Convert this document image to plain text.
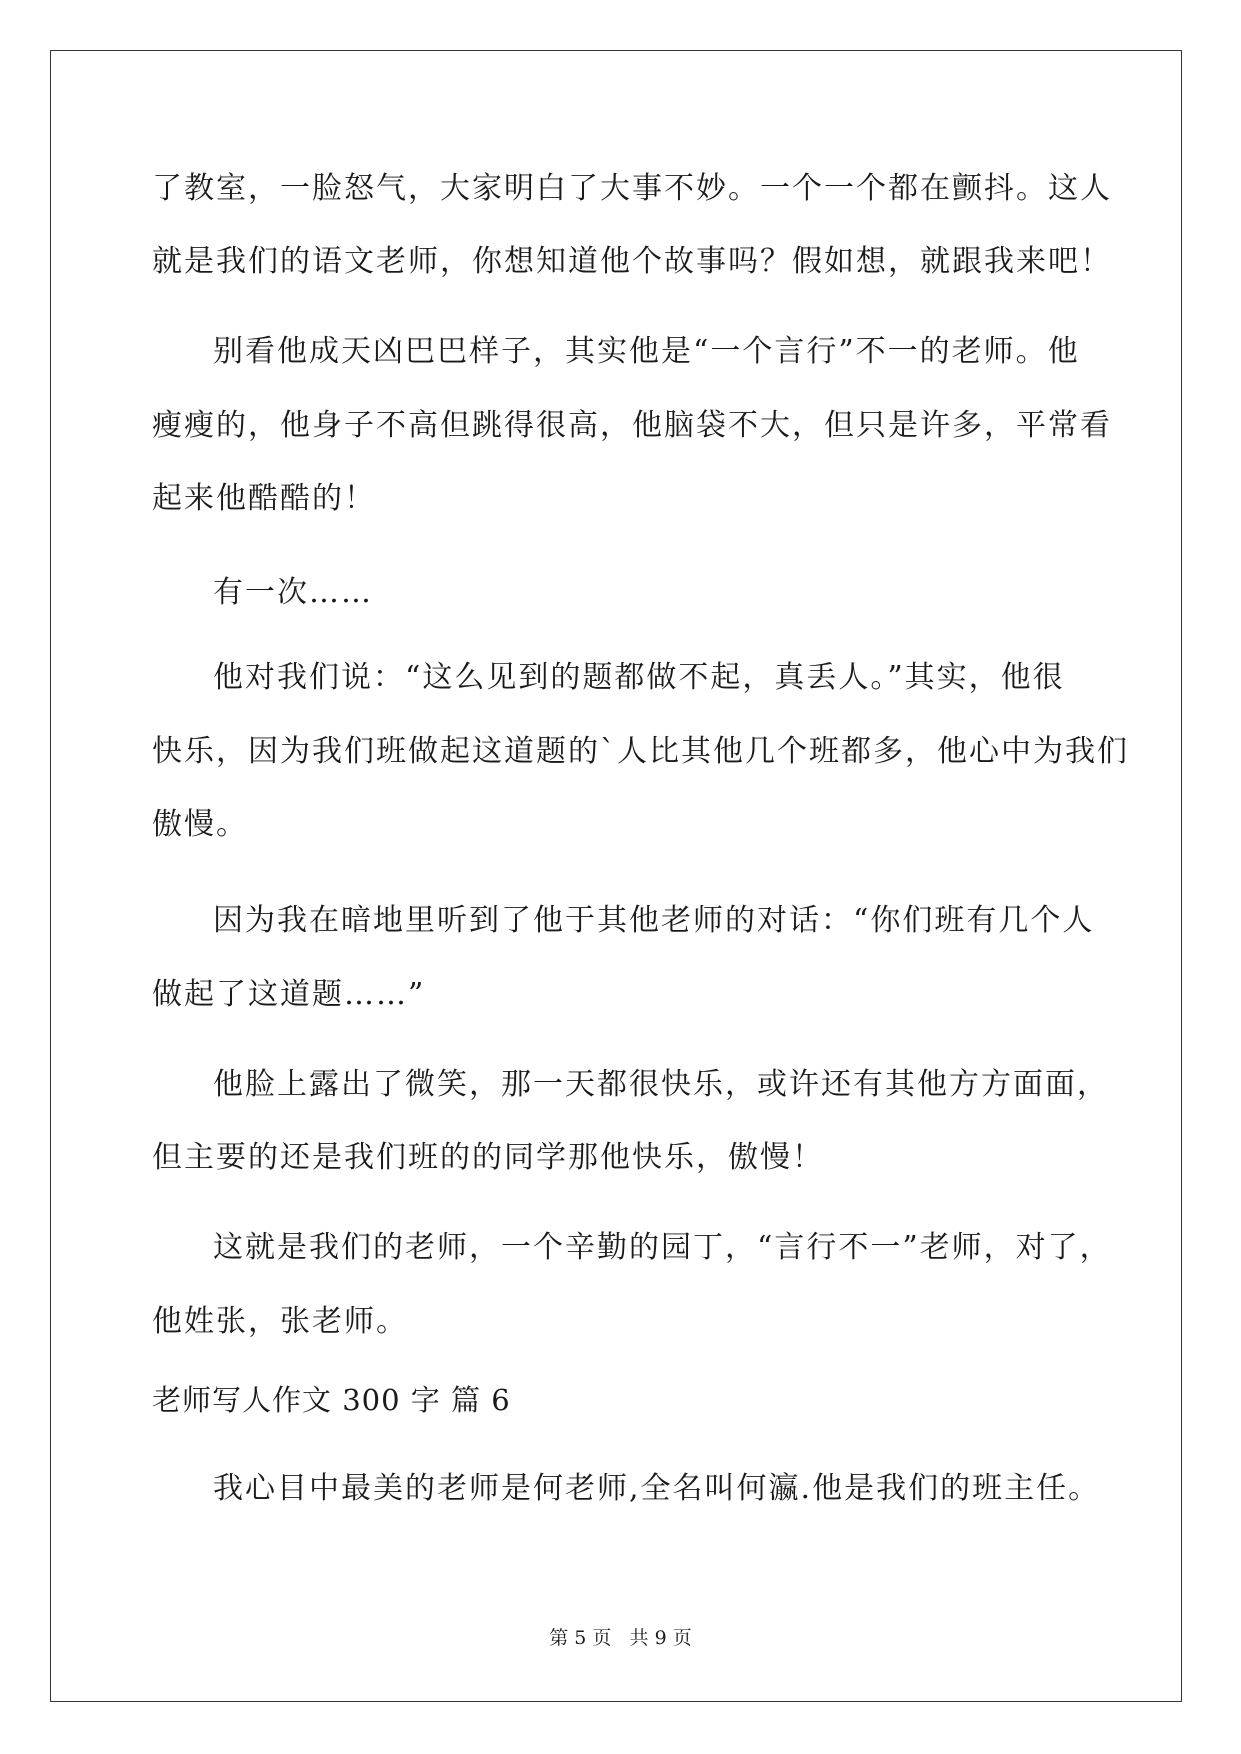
了教室，一脸怒气，大家明白了大事不妙。一个一个都在颤抖。这人
就是我们的语文老师，你想知道他个故事吗？假如想，就跟我来吧！
别看他成天凶巴巴样子，其实他是“一个言行”不一的老师。他
瘦瘦的，他身子不高但跳得很高，他脑袋不大，但只是许多，平常看
起来他酷酷的！
有一次……
他对我们说：“这么见到的题都做不起，真丢人。”其实，他很
快乐，因为我们班做起这道题的`人比其他几个班都多，他心中为我们
傲慢。
因为我在暗地里听到了他于其他老师的对话：“你们班有几个人
做起了这道题……”
他脸上露出了微笑，那一天都很快乐，或许还有其他方方面面，
但主要的还是我们班的的同学那他快乐，傲慢！
这就是我们的老师，一个辛勤的园丁，“言行不一”老师，对了，
他姓张，张老师。
老师写人作文 300 字 篇 6
我心目中最美的老师是何老师,全名叫何瀛.他是我们的班主任。
第 5 页   共 9 页
